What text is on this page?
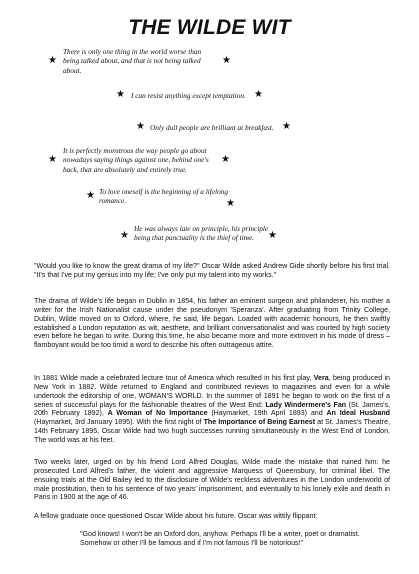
THE WILDE WIT
★
There is only one thing in the world worse than being talked about, and that is not being talked about.
★
★ I can resist anything except temptation. ★
★ Only dull people are brilliant at breakfast. ★
★
It is perfectly monstrous the way people go about nowadays saying things against one, behind one's back, that are absolutely and entirely true.
★
★ To love oneself is the beginning of a lifelong romance.	★
★
He was always late on principle, his principle being that punctuality is the thief of time.	★

"Would you like to know the great drama of my life?" Oscar Wilde asked Andrew Gide shortly before his first trial. "It's that I've put my genius into my life; I've only put my talent into my works."

The drama of Wilde's life began in Dublin in 1854, his father an eminent surgeon and philanderer, his mother a writer for the Irish Nationalist cause under the pseudonym 'Speranza'. After graduating from Trinity College, Dublin, Wilde moved on to Oxford, where, he said, life began. Loaded with academic honours, he then swiftly established a London reputation as wit, aesthete, and brilliant conversationalist and was courted by high society even before he began to write. During this time, he also became more and more extrovert in his mode of dress – flamboyant would be too timid a word to describe his often outrageous attire.

In 1881 Wilde made a celebrated lecture tour of America which resulted in his first play, Vera, being produced in New York in 1882. Wilde returned to England and contributed reviews to magazines and even for a while undertook the editorship of one, WOMAN'S WORLD. In the summer of 1891 he began to work on the first of a series of successful plays for the fashionable theatres of the West End: Lady Windermere's Fan (St. James's, 20th February 1892), A Woman of No Importance (Haymarket, 19th April 1893) and An Ideal Husband (Haymarket, 3rd January 1895). With the first night of The Importance of Being Earnest at St. James's Theatre, 14th February 1895, Oscar Wilde had two hugh successes running simultaneously in the West End of London. The world was at his feet.

Two weeks later, urged on by his friend Lord Alfred Douglas, Wilde made the mistake that ruined him: he prosecuted Lord Alfred's father, the violent and aggressive Marquess of Queensbury, for criminal libel. The ensuing trials at the Old Bailey led to the disclosure of Wilde's reckless adventures in the London underworld of male prostitution, then to his sentence of two years' imprisonment, and eventually to his lonely exile and death in Paris in 1900 at the age of 46.

A fellow graduate once questioned Oscar Wilde about his future. Oscar was wittily flippant:

"God knows! I won't be an Oxford don, anyhow. Perhaps I'll be a writer, poet or dramatist. Somehow or other I'll be famous and if I'm not famous I'll be notorious!"
